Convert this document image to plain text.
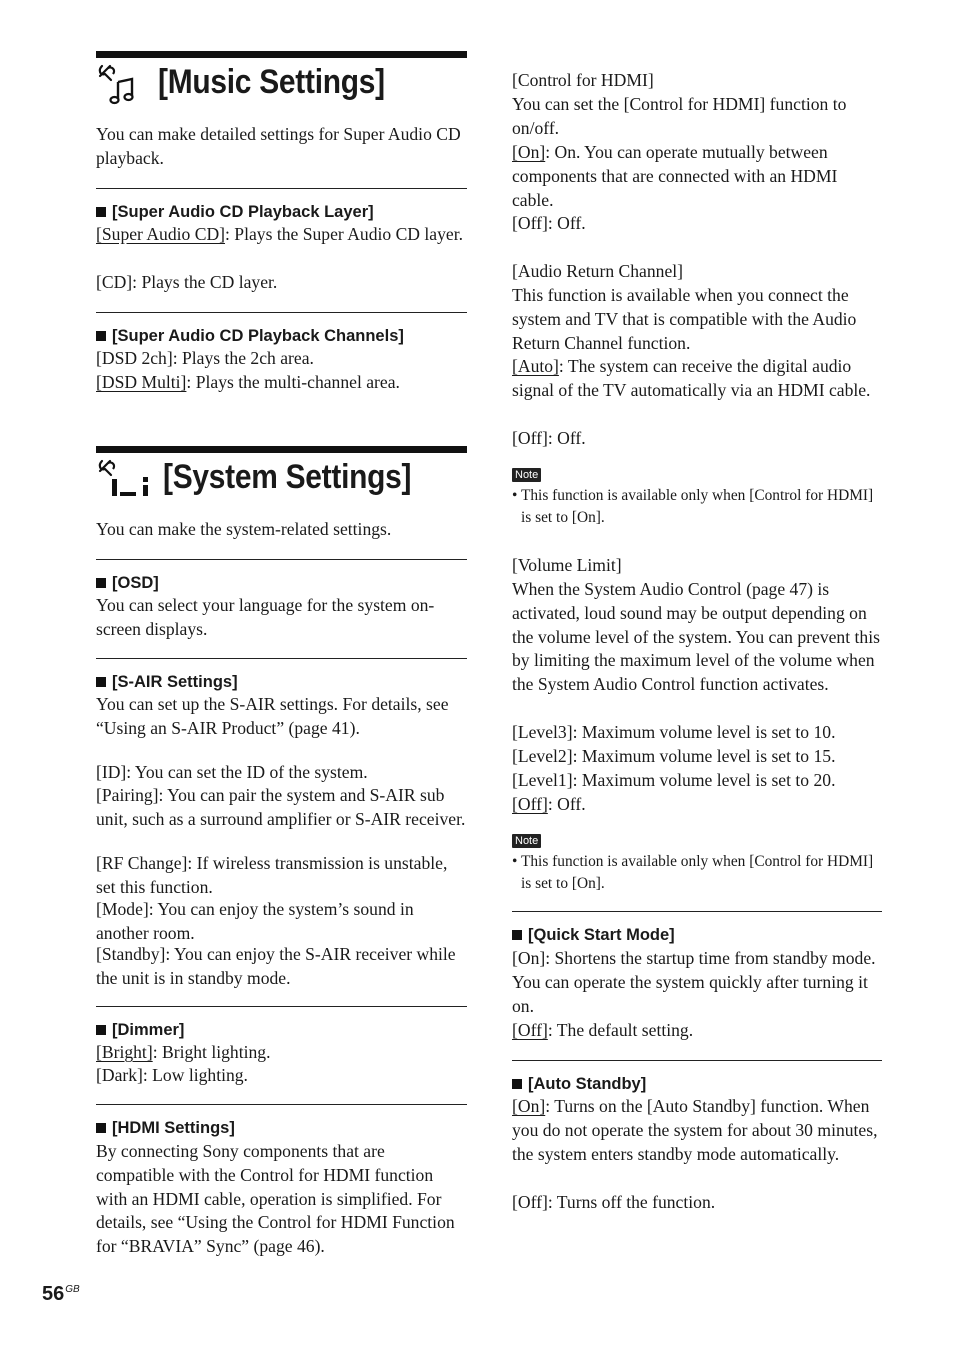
[Music Settings]

You can make detailed settings for Super Audio CD playback.

[Super Audio CD Playback Layer]

[Super Audio CD]: Plays the Super Audio CD layer.

[CD]: Plays the CD layer.

[Super Audio CD Playback Channels]

[DSD 2ch]: Plays the 2ch area.

[DSD Multi]: Plays the multi-channel area.

[System Settings]

You can make the system-related settings.

[OSD]

You can select your language for the system on-screen displays.

[S-AIR Settings]

You can set up the S-AIR settings. For details, see “Using an S-AIR Product” (page 41).

[ID]: You can set the ID of the system.

[Pairing]: You can pair the system and S-AIR sub unit, such as a surround amplifier or S-AIR receiver.

[RF Change]: If wireless transmission is unstable, set this function.

[Mode]: You can enjoy the system’s sound in another room.

[Standby]: You can enjoy the S-AIR receiver while the unit is in standby mode.

[Dimmer]

[Bright]: Bright lighting.

[Dark]: Low lighting.

[HDMI Settings]

By connecting Sony components that are compatible with the Control for HDMI function with an HDMI cable, operation is simplified. For details, see “Using the Control for HDMI Function for “BRAVIA” Sync” (page 46).

[Control for HDMI]

You can set the [Control for HDMI] function to on/off.

[On]: On. You can operate mutually between components that are connected with an HDMI cable.

[Off]: Off.

[Audio Return Channel]

This function is available when you connect the system and TV that is compatible with the Audio Return Channel function.

[Auto]: The system can receive the digital audio signal of the TV automatically via an HDMI cable.

[Off]: Off.

Note
• This function is available only when [Control for HDMI] is set to [On].

[Volume Limit]

When the System Audio Control (page 47) is activated, loud sound may be output depending on the volume level of the system. You can prevent this by limiting the maximum level of the volume when the System Audio Control function activates.

[Level3]: Maximum volume level is set to 10.

[Level2]: Maximum volume level is set to 15.

[Level1]: Maximum volume level is set to 20.

[Off]: Off.

Note
• This function is available only when [Control for HDMI] is set to [On].
[Quick Start Mode]

[On]: Shortens the startup time from standby mode. You can operate the system quickly after turning it on.

[Off]: The default setting.

[Auto Standby]

[On]: Turns on the [Auto Standby] function. When you do not operate the system for about 30 minutes, the system enters standby mode automatically.

[Off]: Turns off the function.

$56^{GB}$
